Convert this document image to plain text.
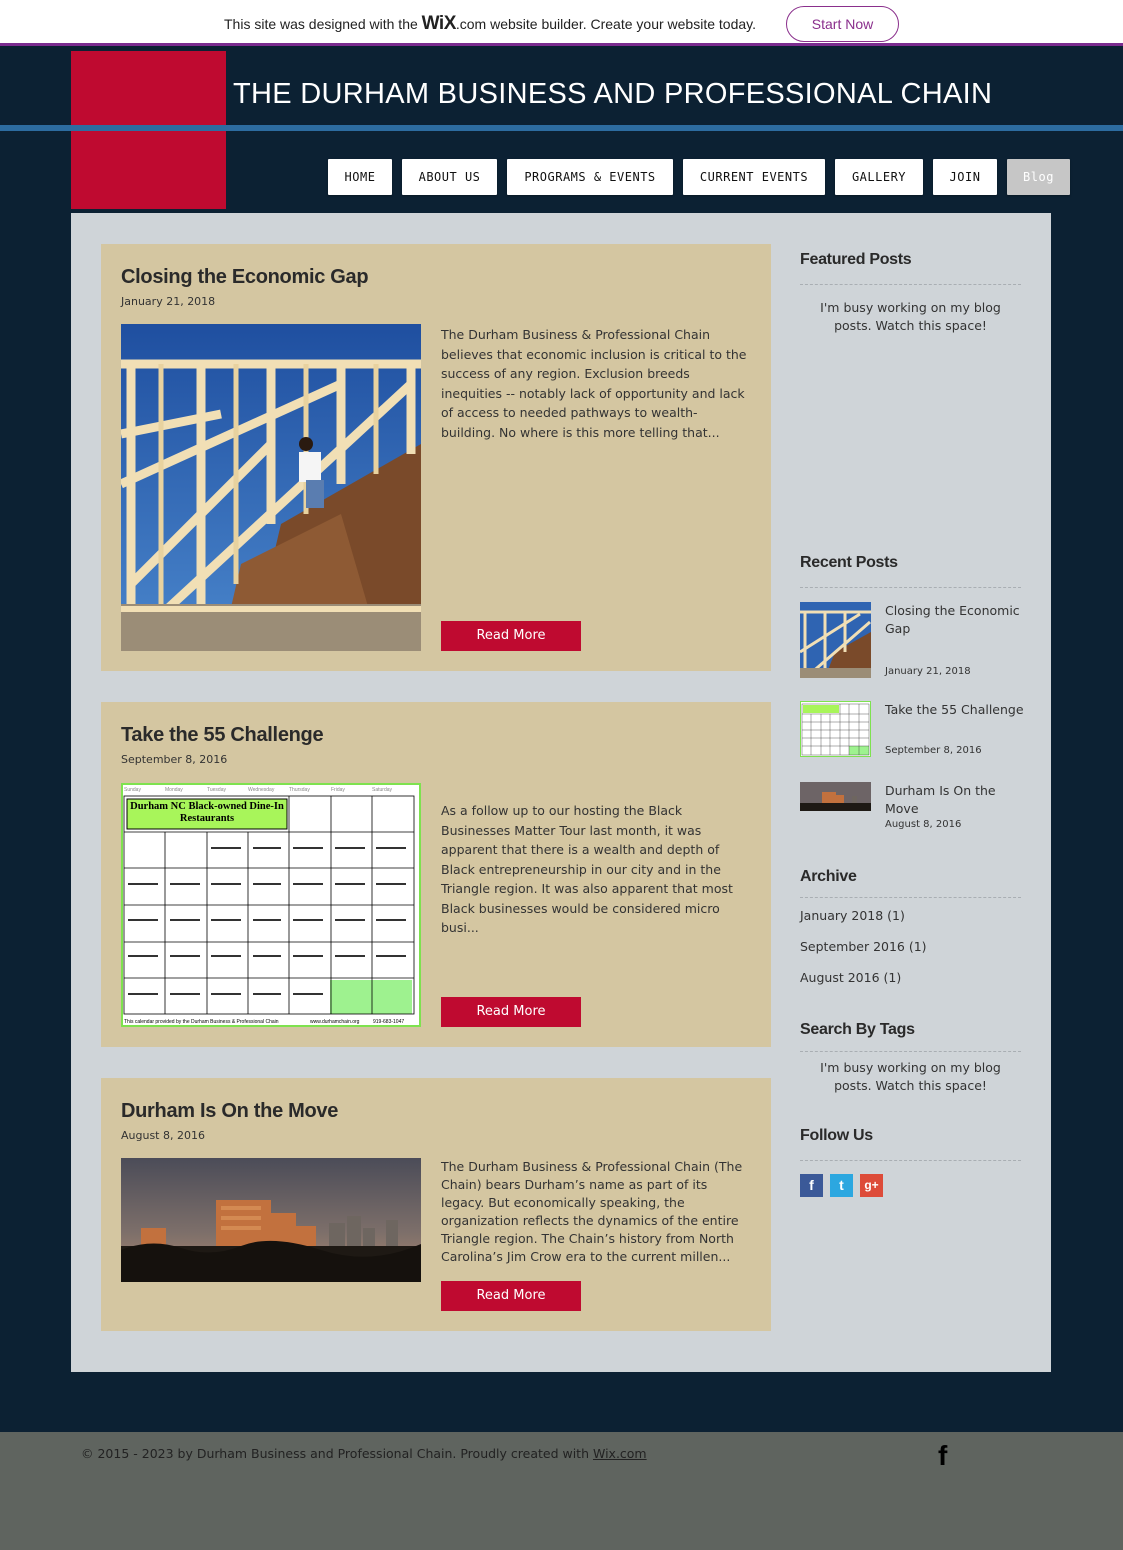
This site was designed with the WiX.com website builder. Create your website today.	Start Now
THE DURHAM BUSINESS AND PROFESSIONAL CHAIN
HOME	ABOUT US	PROGRAMS & EVENTS	CURRENT EVENTS	GALLERY	JOIN	Blog
Closing the Economic Gap
January 21, 2018
The Durham Business & Professional Chain believes that economic inclusion is critical to the success of any region. Exclusion breeds inequities -- notably lack of opportunity and lack of access to needed pathways to wealth-building. No where is this more telling that...
Read More
Take the 55 Challenge
September 8, 2016
Sunday	Monday	Tuesday	Wednesday	Thursday	Friday	Saturday
Durham NC Black-owned Dine-In Restaurants
This calendar provided by the Durham Business & Professional Chain	www.durhamchain.org	919-683-1047
As a follow up to our hosting the Black Businesses Matter Tour last month, it was apparent that there is a wealth and depth of Black entrepreneurship in our city and in the Triangle region. It was also apparent that most Black businesses would be considered micro busi...
Read More
Durham Is On the Move
August 8, 2016
The Durham Business & Professional Chain (The Chain) bears Durham’s name as part of its legacy. But economically speaking, the organization reflects the dynamics of the entire Triangle region. The Chain’s history from North Carolina’s Jim Crow era to the current millen...
Read More
Featured Posts
I'm busy working on my blog posts. Watch this space!
Recent Posts
Closing the Economic Gap
January 21, 2018
Take the 55 Challenge
September 8, 2016
Durham Is On the Move
August 8, 2016
Archive
January 2018 (1)
September 2016 (1)
August 2016 (1)
Search By Tags
I'm busy working on my blog posts. Watch this space!
Follow Us
f	t	g+
© 2015 - 2023 by Durham Business and Professional Chain. Proudly created with Wix.com	f
